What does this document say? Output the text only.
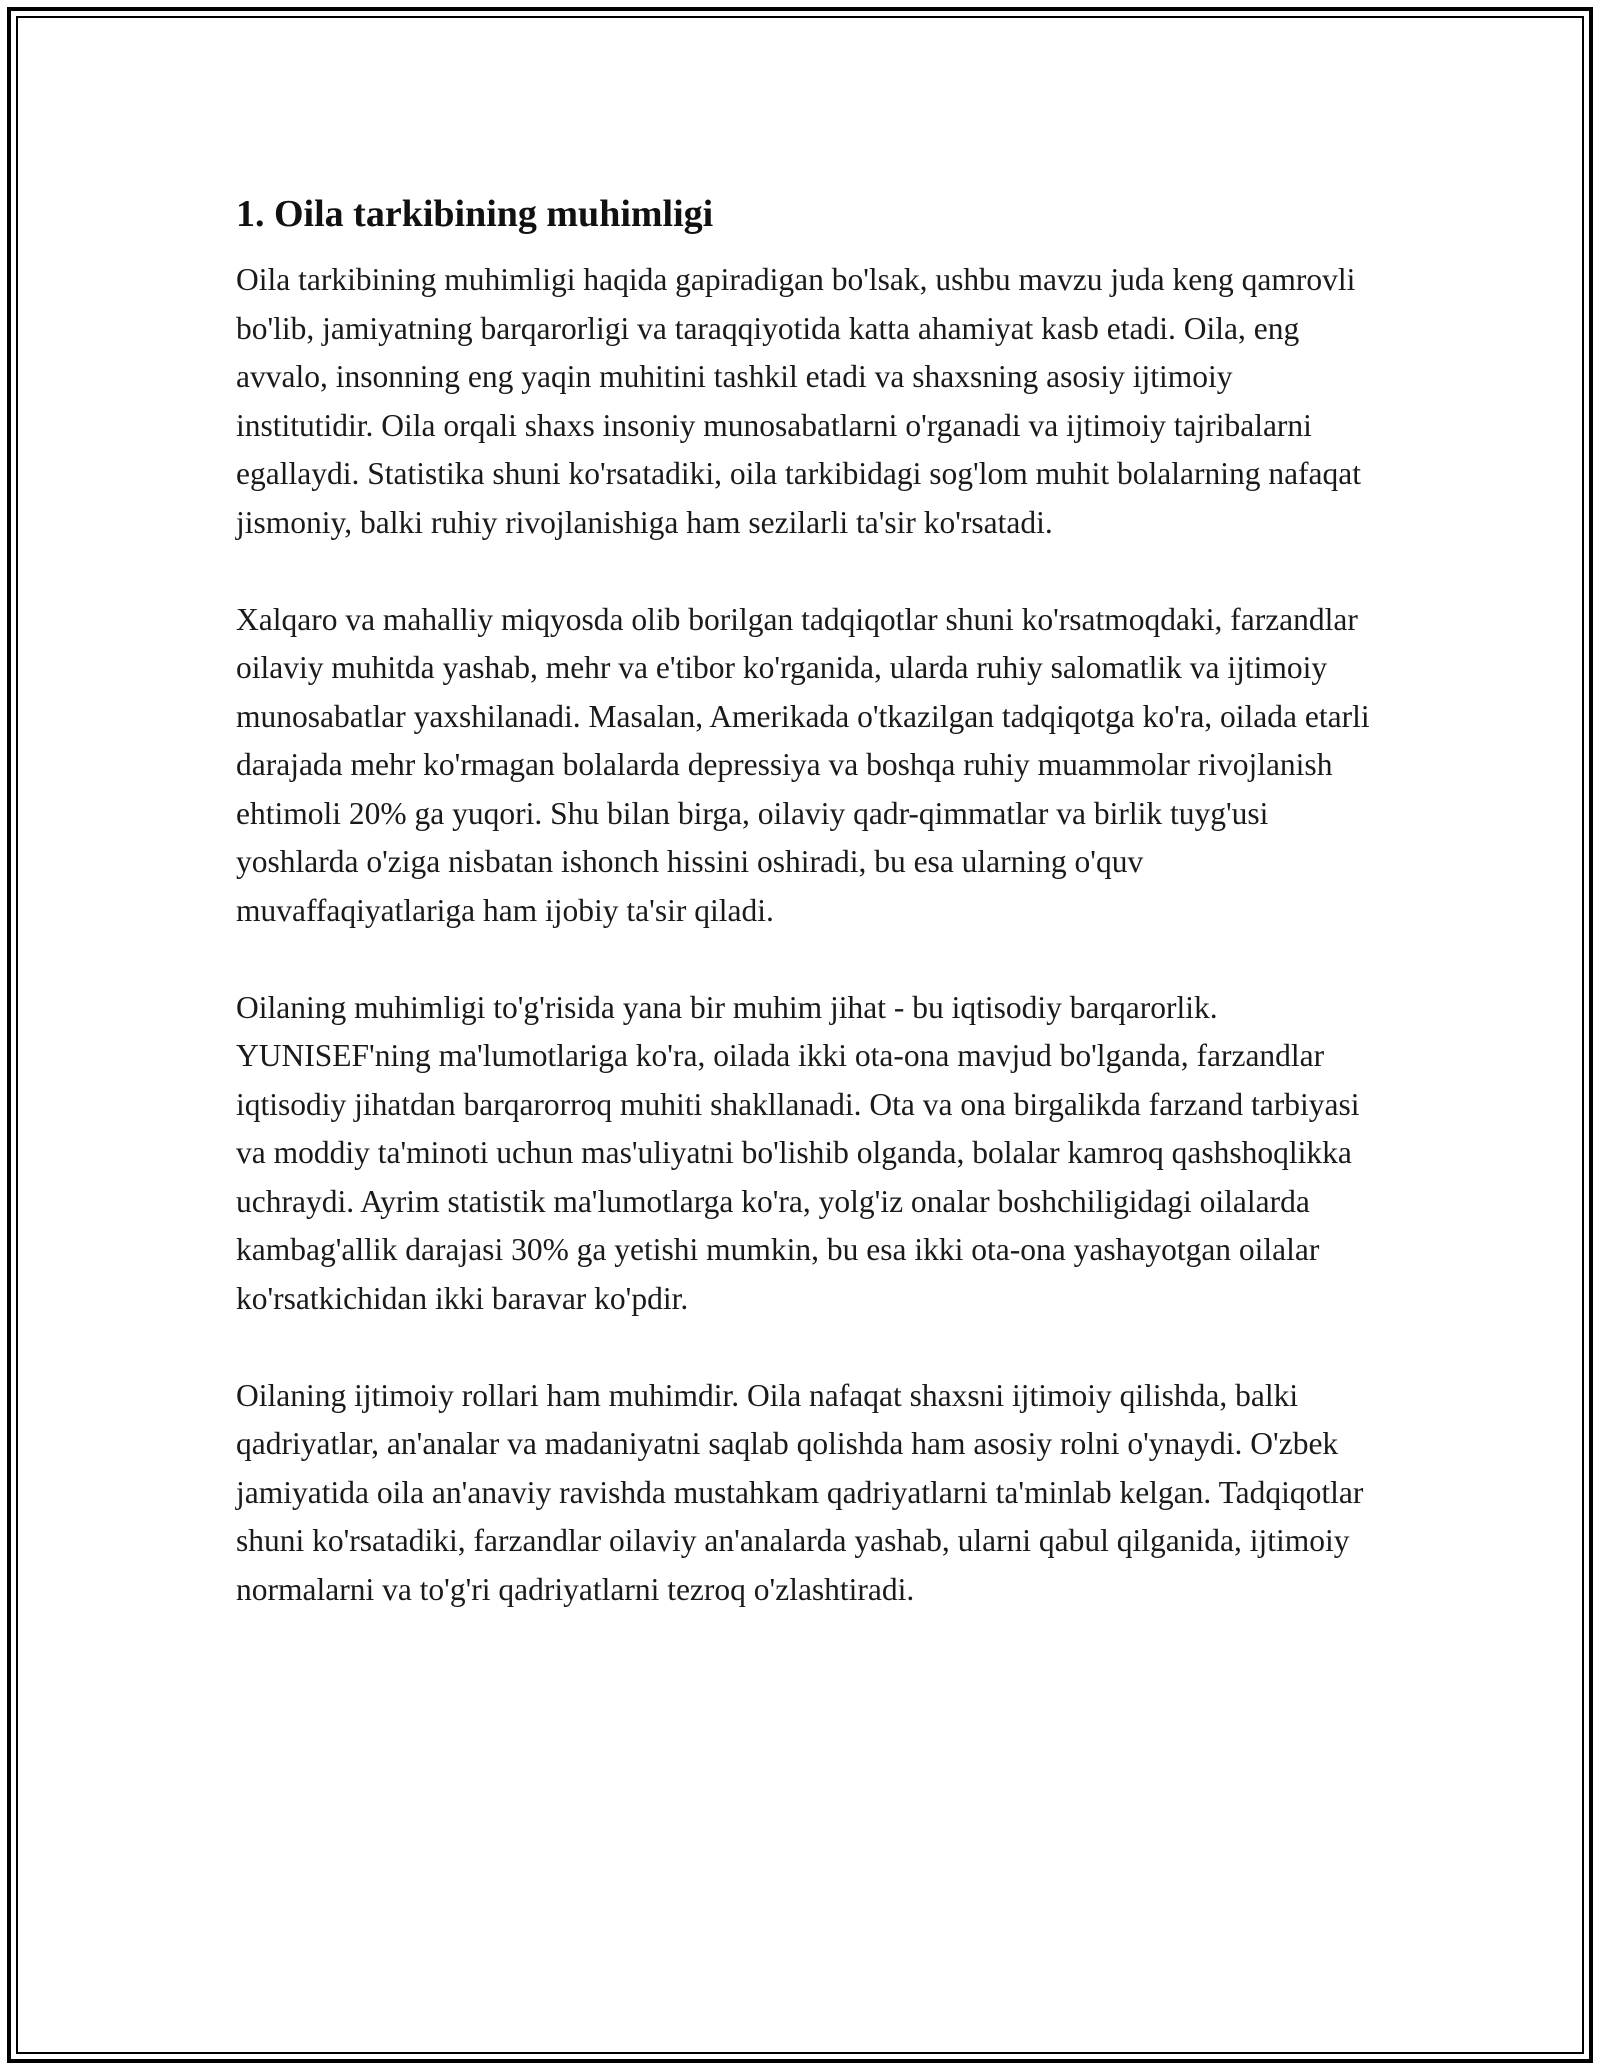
1. Oila tarkibining muhimligi

Oila tarkibining muhimligi haqida gapiradigan bo'lsak, ushbu mavzu juda keng qamrovli bo'lib, jamiyatning barqarorligi va taraqqiyotida katta ahamiyat kasb etadi. Oila, eng avvalo, insonning eng yaqin muhitini tashkil etadi va shaxsning asosiy ijtimoiy institutidir. Oila orqali shaxs insoniy munosabatlarni o'rganadi va ijtimoiy tajribalarni egallaydi. Statistika shuni ko'rsatadiki, oila tarkibidagi sog'lom muhit bolalarning nafaqat jismoniy, balki ruhiy rivojlanishiga ham sezilarli ta'sir ko'rsatadi.

Xalqaro va mahalliy miqyosda olib borilgan tadqiqotlar shuni ko'rsatmoqdaki, farzandlar oilaviy muhitda yashab, mehr va e'tibor ko'rganida, ularda ruhiy salomatlik va ijtimoiy munosabatlar yaxshilanadi. Masalan, Amerikada o'tkazilgan tadqiqotga ko'ra, oilada etarli darajada mehr ko'rmagan bolalarda depressiya va boshqa ruhiy muammolar rivojlanish ehtimoli 20% ga yuqori. Shu bilan birga, oilaviy qadr-qimmatlar va birlik tuyg'usi yoshlarda o'ziga nisbatan ishonch hissini oshiradi, bu esa ularning o'quv muvaffaqiyatlariga ham ijobiy ta'sir qiladi.

Oilaning muhimligi to'g'risida yana bir muhim jihat - bu iqtisodiy barqarorlik. YUNISEF'ning ma'lumotlariga ko'ra, oilada ikki ota-ona mavjud bo'lganda, farzandlar iqtisodiy jihatdan barqarorroq muhiti shakllanadi. Ota va ona birgalikda farzand tarbiyasi va moddiy ta'minoti uchun mas'uliyatni bo'lishib olganda, bolalar kamroq qashshoqlikka uchraydi. Ayrim statistik ma'lumotlarga ko'ra, yolg'iz onalar boshchiligidagi oilalarda kambag'allik darajasi 30% ga yetishi mumkin, bu esa ikki ota-ona yashayotgan oilalar ko'rsatkichidan ikki baravar ko'pdir.

Oilaning ijtimoiy rollari ham muhimdir. Oila nafaqat shaxsni ijtimoiy qilishda, balki qadriyatlar, an'analar va madaniyatni saqlab qolishda ham asosiy rolni o'ynaydi. O'zbek jamiyatida oila an'anaviy ravishda mustahkam qadriyatlarni ta'minlab kelgan. Tadqiqotlar shuni ko'rsatadiki, farzandlar oilaviy an'analarda yashab, ularni qabul qilganida, ijtimoiy normalarni va to'g'ri qadriyatlarni tezroq o'zlashtiradi.
